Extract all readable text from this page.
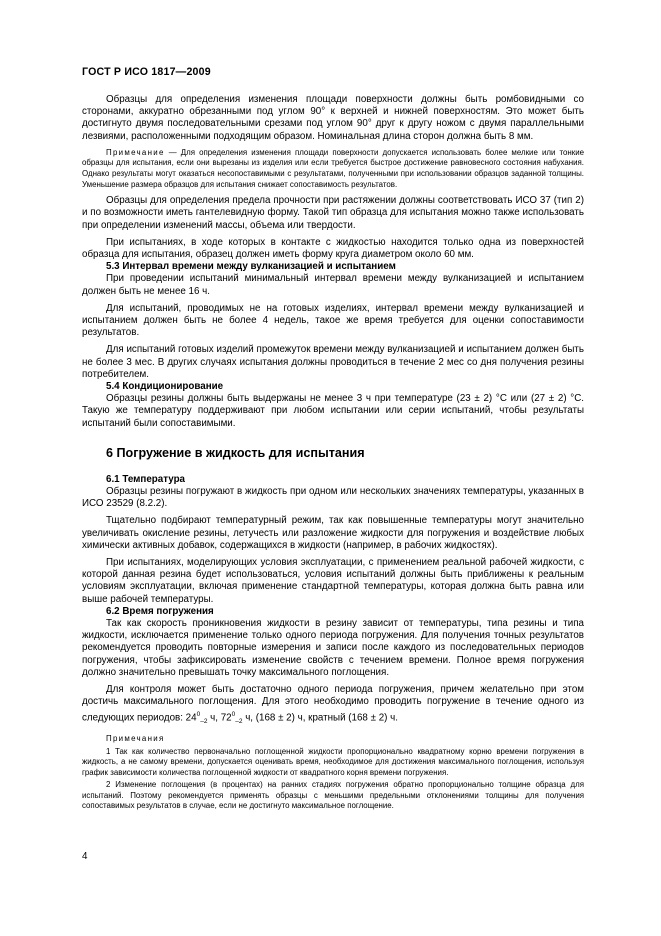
ГОСТ Р ИСО 1817—2009

Образцы для определения изменения площади поверхности должны быть ромбовидными со сторонами, аккуратно обрезанными под углом 90° к верхней и нижней поверхностям. Это может быть достигнуто двумя последовательными срезами под углом 90° друг к другу ножом с двумя параллельными лезвиями, расположенными подходящим образом. Номинальная длина сторон должна быть 8 мм.

Примечание — Для определения изменения площади поверхности допускается использовать более мелкие или тонкие образцы для испытания, если они вырезаны из изделия или если требуется быстрое достижение равновесного состояния набухания. Однако результаты могут оказаться несопоставимыми с результатами, полученными при использовании образцов заданной толщины. Уменьшение размера образцов для испытания снижает сопоставимость результатов.

Образцы для определения предела прочности при растяжении должны соответствовать ИСО 37 (тип 2) и по возможности иметь гантелевидную форму. Такой тип образца для испытания можно также использовать при определении изменений массы, объема или твердости.

При испытаниях, в ходе которых в контакте с жидкостью находится только одна из поверхностей образца для испытания, образец должен иметь форму круга диаметром около 60 мм.

5.3 Интервал времени между вулканизацией и испытанием

При проведении испытаний минимальный интервал времени между вулканизацией и испытанием должен быть не менее 16 ч.

Для испытаний, проводимых не на готовых изделиях, интервал времени между вулканизацией и испытанием должен быть не более 4 недель, такое же время требуется для оценки сопоставимости результатов.

Для испытаний готовых изделий промежуток времени между вулканизацией и испытанием должен быть не более 3 мес. В других случаях испытания должны проводиться в течение 2 мес со дня получения резины потребителем.

5.4 Кондиционирование

Образцы резины должны быть выдержаны не менее 3 ч при температуре (23 ± 2) °С или (27 ± 2) °С. Такую же температуру поддерживают при любом испытании или серии испытаний, чтобы результаты испытаний были сопоставимыми.

6 Погружение в жидкость для испытания
6.1 Температура

Образцы резины погружают в жидкость при одном или нескольких значениях температуры, указанных в ИСО 23529 (8.2.2).

Тщательно подбирают температурный режим, так как повышенные температуры могут значительно увеличивать окисление резины, летучесть или разложение жидкости для погружения и воздействие любых химически активных добавок, содержащихся в жидкости (например, в рабочих жидкостях).

При испытаниях, моделирующих условия эксплуатации, с применением реальной рабочей жидкости, с которой данная резина будет использоваться, условия испытаний должны быть приближены к реальным условиям эксплуатации, включая применение стандартной температуры, которая должна быть равна или выше рабочей температуры.

6.2 Время погружения

Так как скорость проникновения жидкости в резину зависит от температуры, типа резины и типа жидкости, исключается применение только одного периода погружения. Для получения точных результатов рекомендуется проводить повторные измерения и записи после каждого из последовательных периодов погружения, чтобы зафиксировать изменение свойств с течением времени. Полное время погружения должно значительно превышать точку максимального поглощения.

Для контроля может быть достаточно одного периода погружения, причем желательно при этом достичь максимального поглощения. Для этого необходимо проводить погружение в течение одного из следующих периодов: $24^0_{-2}$ ч, $72^0_{-2}$ ч, (168 ± 2) ч, кратный (168 ± 2) ч.

Примечания

1 Так как количество первоначально поглощенной жидкости пропорционально квадратному корню времени погружения в жидкость, а не самому времени, допускается оценивать время, необходимое для достижения максимального поглощения, используя график зависимости количества поглощенной жидкости от квадратного корня времени погружения.

2 Изменение поглощения (в процентах) на ранних стадиях погружения обратно пропорционально толщине образца для испытаний. Поэтому рекомендуется применять образцы с меньшими предельными отклонениями толщины для получения сопоставимых результатов в случае, если не достигнуто максимальное поглощение.

4
